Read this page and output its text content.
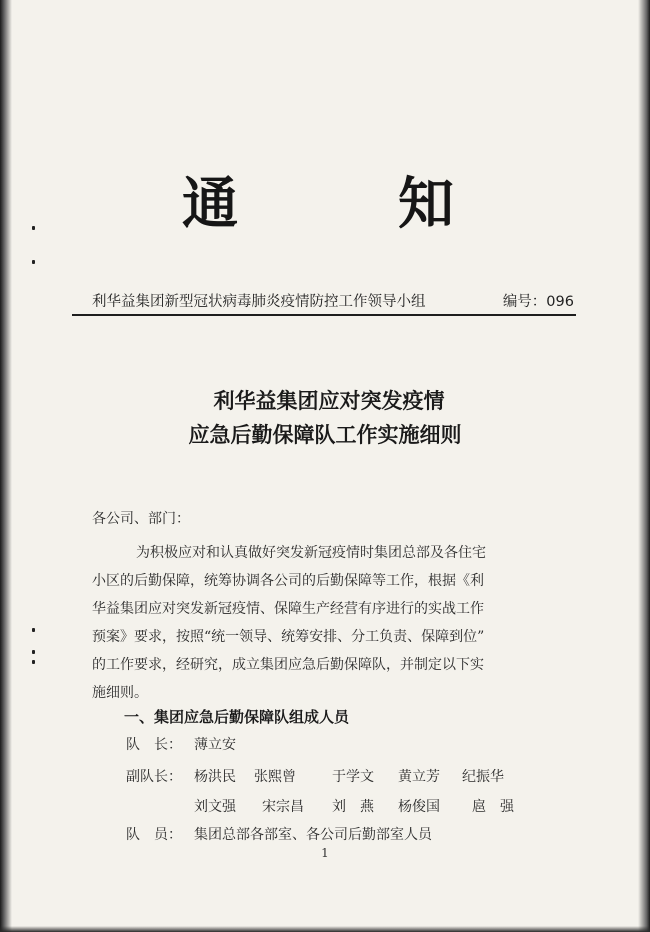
通	知
利华益集团新型冠状病毒肺炎疫情防控工作领导小组	编号：096
利华益集团应对突发疫情
应急后勤保障队工作实施细则
各公司、部门：
为积极应对和认真做好突发新冠疫情时集团总部及各住宅
小区的后勤保障，统筹协调各公司的后勤保障等工作，根据《利
华益集团应对突发新冠疫情、保障生产经营有序进行的实战工作
预案》要求，按照“统一领导、统筹安排、分工负责、保障到位”
的工作要求，经研究，成立集团应急后勤保障队，并制定以下实
施细则。
一、集团应急后勤保障队组成人员
队　长： 薄立安
副队长： 杨洪民 张熙曾	于学文 黄立芳 纪振华
刘文强 宋宗昌 刘　燕 杨俊国 扈　强
队　员： 集团总部各部室、各公司后勤部室人员
1
